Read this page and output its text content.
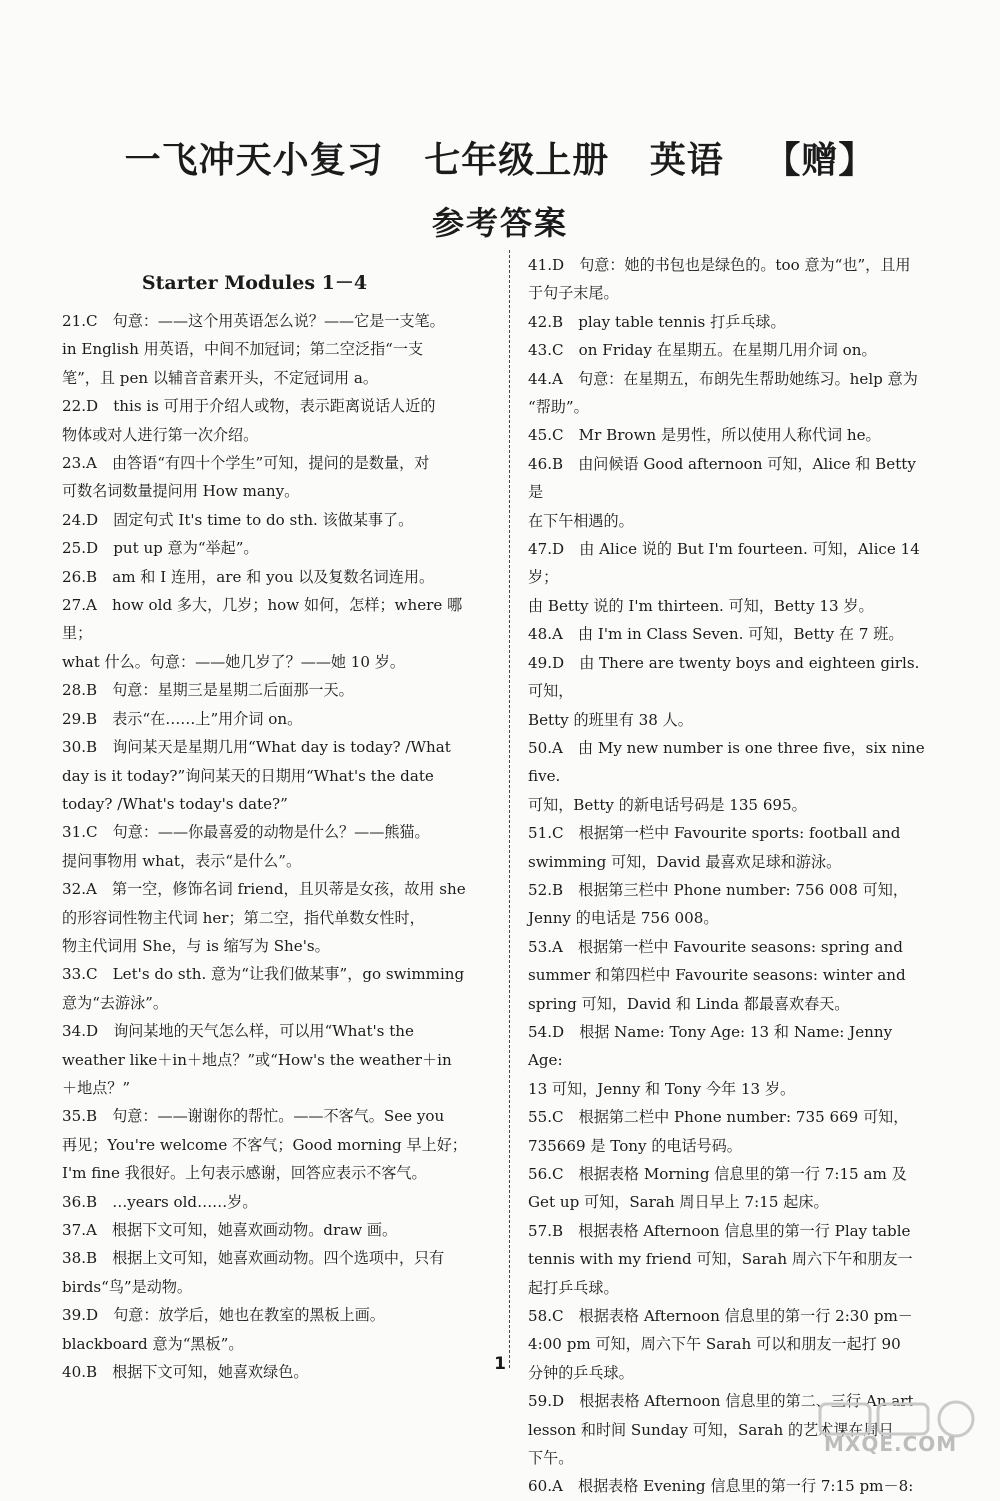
一飞冲天小复习   七年级上册   英语   【赠】
参考答案
Starter Modules 1－4
21.C　句意：——这个用英语怎么说？——它是一支笔。
in English 用英语，中间不加冠词；第二空泛指“一支
笔”，且 pen 以辅音音素开头，不定冠词用 a。
22.D　this is 可用于介绍人或物，表示距离说话人近的
物体或对人进行第一次介绍。
23.A　由答语“有四十个学生”可知，提问的是数量，对
可数名词数量提问用 How many。
24.D　固定句式 It's time to do sth. 该做某事了。
25.D　put up 意为“举起”。
26.B　am 和 I 连用，are 和 you 以及复数名词连用。
27.A　how old 多大，几岁；how 如何，怎样；where 哪里；
what 什么。句意：——她几岁了？——她 10 岁。
28.B　句意：星期三是星期二后面那一天。
29.B　表示“在……上”用介词 on。
30.B　询问某天是星期几用“What day is today? /What
day is it today?”询问某天的日期用“What's the date
today? /What's today's date?”
31.C　句意：——你最喜爱的动物是什么？——熊猫。
提问事物用 what，表示“是什么”。
32.A　第一空，修饰名词 friend，且贝蒂是女孩，故用 she
的形容词性物主代词 her；第二空，指代单数女性时，
物主代词用 She，与 is 缩写为 She's。
33.C　Let's do sth. 意为“让我们做某事”，go swimming
意为“去游泳”。
34.D　询问某地的天气怎么样，可以用“What's the
weather like＋in＋地点？”或“How's the weather＋in
＋地点？”
35.B　句意：——谢谢你的帮忙。——不客气。See you
再见；You're welcome 不客气；Good morning 早上好；
I'm fine 我很好。上句表示感谢，回答应表示不客气。
36.B　…years old……岁。
37.A　根据下文可知，她喜欢画动物。draw 画。
38.B　根据上文可知，她喜欢画动物。四个选项中，只有
birds“鸟”是动物。
39.D　句意：放学后，她也在教室的黑板上画。
blackboard 意为“黑板”。
40.B　根据下文可知，她喜欢绿色。
41.D　句意：她的书包也是绿色的。too 意为“也”，且用
于句子末尾。
42.B　play table tennis 打乒乓球。
43.C　on Friday 在星期五。在星期几用介词 on。
44.A　句意：在星期五，布朗先生帮助她练习。help 意为
“帮助”。
45.C　Mr Brown 是男性，所以使用人称代词 he。
46.B　由问候语 Good afternoon 可知，Alice 和 Betty 是
在下午相遇的。
47.D　由 Alice 说的 But I'm fourteen. 可知，Alice 14 岁；
由 Betty 说的 I'm thirteen. 可知，Betty 13 岁。
48.A　由 I'm in Class Seven. 可知，Betty 在 7 班。
49.D　由 There are twenty boys and eighteen girls. 可知，
Betty 的班里有 38 人。
50.A　由 My new number is one three five，six nine five.
可知，Betty 的新电话号码是 135 695。
51.C　根据第一栏中 Favourite sports: football and
swimming 可知，David 最喜欢足球和游泳。
52.B　根据第三栏中 Phone number: 756 008 可知，
Jenny 的电话是 756 008。
53.A　根据第一栏中 Favourite seasons: spring and
summer 和第四栏中 Favourite seasons: winter and
spring 可知，David 和 Linda 都最喜欢春天。
54.D　根据 Name: Tony Age: 13 和 Name: Jenny Age:
13 可知，Jenny 和 Tony 今年 13 岁。
55.C　根据第二栏中 Phone number: 735 669 可知，
735669 是 Tony 的电话号码。
56.C　根据表格 Morning 信息里的第一行 7:15 am 及
Get up 可知，Sarah 周日早上 7:15 起床。
57.B　根据表格 Afternoon 信息里的第一行 Play table
tennis with my friend 可知，Sarah 周六下午和朋友一
起打乒乓球。
58.C　根据表格 Afternoon 信息里的第一行 2:30 pm－
4:00 pm 可知，周六下午 Sarah 可以和朋友一起打 90
分钟的乒乓球。
59.D　根据表格 Afternoon 信息里的第二、三行 An art
lesson 和时间 Sunday 可知，Sarah 的艺术课在周日
下午。
60.A　根据表格 Evening 信息里的第一行 7:15 pm－8:
1
MXQE.COM
